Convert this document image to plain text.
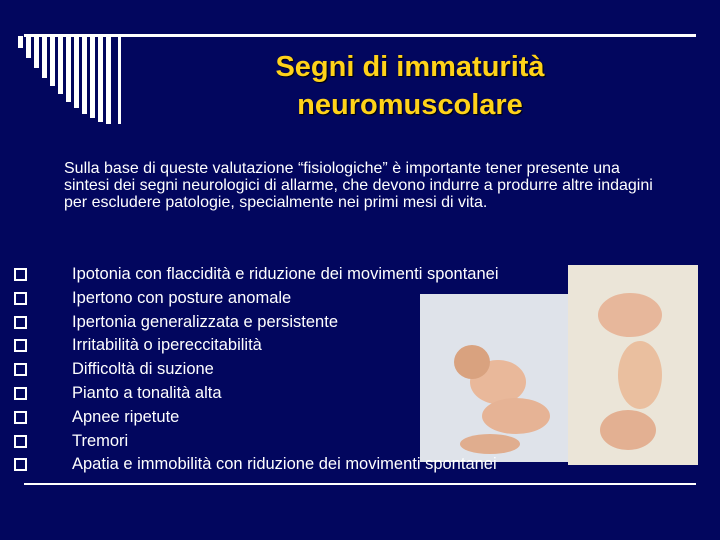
Segni di immaturità
neuromuscolare
Sulla base di queste valutazione “fisiologiche” è importante tener presente una sintesi dei segni neurologici di allarme, che devono indurre a produrre altre indagini per escludere patologie, specialmente nei primi mesi di vita.
Ipotonia con flaccidità e riduzione dei movimenti spontanei
Ipertono con posture anomale
Ipertonia generalizzata e persistente
Irritabilità o ipereccitabilità
Difficoltà di suzione
Pianto a tonalità alta
Apnee ripetute
Tremori
Apatia e immobilità con riduzione dei movimenti spontanei
